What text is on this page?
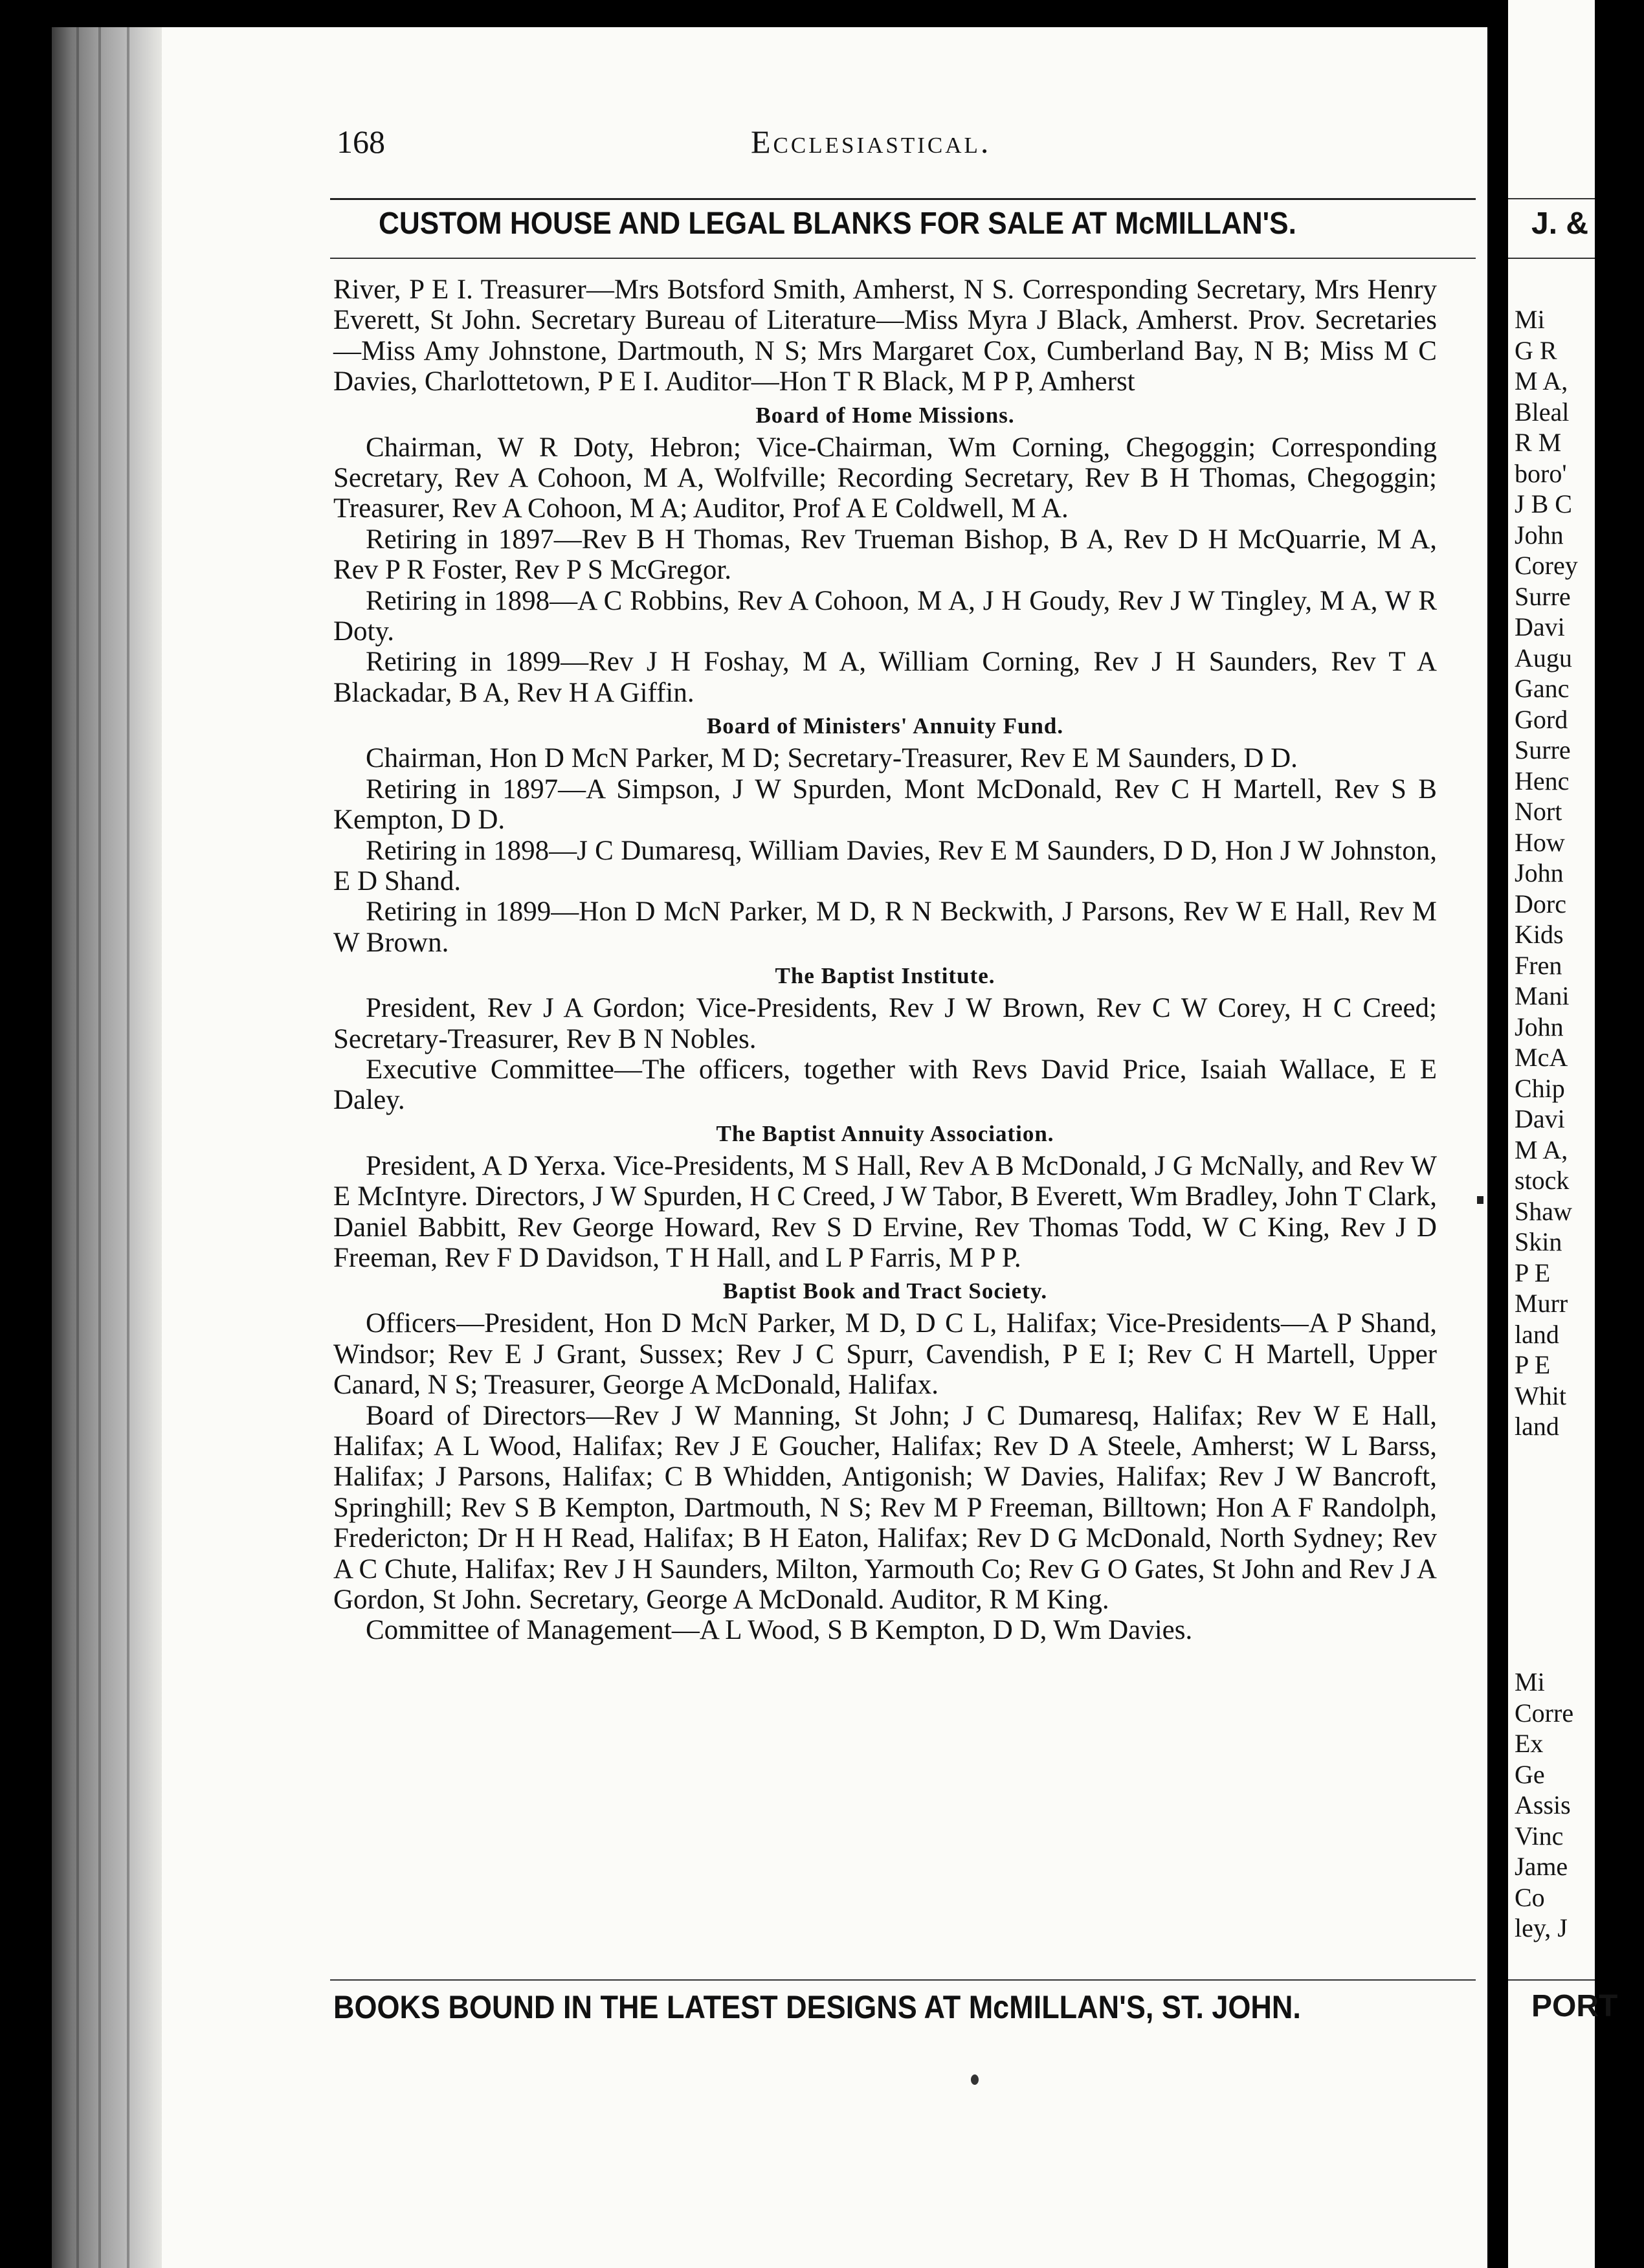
168	Ecclesiastical.
CUSTOM HOUSE AND LEGAL BLANKS FOR SALE AT McMILLAN'S.

River, P E I. Treasurer—Mrs Botsford Smith, Amherst, N S. Corresponding Secretary, Mrs Henry Everett, St John. Secretary Bureau of Literature—Miss Myra J Black, Amherst. Prov. Secretaries—Miss Amy Johnstone, Dartmouth, N S; Mrs Margaret Cox, Cumberland Bay, N B; Miss M C Davies, Charlottetown, P E I. Auditor—Hon T R Black, M P P, Amherst

Board of Home Missions.

Chairman, W R Doty, Hebron; Vice-Chairman, Wm Corning, Chegoggin; Corresponding Secretary, Rev A Cohoon, M A, Wolfville; Recording Secretary, Rev B H Thomas, Chegoggin; Treasurer, Rev A Cohoon, M A; Auditor, Prof A E Coldwell, M A.

Retiring in 1897—Rev B H Thomas, Rev Trueman Bishop, B A, Rev D H McQuarrie, M A, Rev P R Foster, Rev P S McGregor.

Retiring in 1898—A C Robbins, Rev A Cohoon, M A, J H Goudy, Rev J W Tingley, M A, W R Doty.

Retiring in 1899—Rev J H Foshay, M A, William Corning, Rev J H Saunders, Rev T A Blackadar, B A, Rev H A Giffin.

Board of Ministers' Annuity Fund.

Chairman, Hon D McN Parker, M D; Secretary-Treasurer, Rev E M Saunders, D D.

Retiring in 1897—A Simpson, J W Spurden, Mont McDonald, Rev C H Martell, Rev S B Kempton, D D.

Retiring in 1898—J C Dumaresq, William Davies, Rev E M Saunders, D D, Hon J W Johnston, E D Shand.

Retiring in 1899—Hon D McN Parker, M D, R N Beckwith, J Parsons, Rev W E Hall, Rev M W Brown.

The Baptist Institute.

President, Rev J A Gordon; Vice-Presidents, Rev J W Brown, Rev C W Corey, H C Creed; Secretary-Treasurer, Rev B N Nobles.

Executive Committee—The officers, together with Revs David Price, Isaiah Wallace, E E Daley.

The Baptist Annuity Association.

President, A D Yerxa. Vice-Presidents, M S Hall, Rev A B McDonald, J G McNally, and Rev W E McIntyre. Directors, J W Spurden, H C Creed, J W Tabor, B Everett, Wm Bradley, John T Clark, Daniel Babbitt, Rev George Howard, Rev S D Ervine, Rev Thomas Todd, W C King, Rev J D Freeman, Rev F D Davidson, T H Hall, and L P Farris, M P P.

Baptist Book and Tract Society.

Officers—President, Hon D McN Parker, M D, D C L, Halifax; Vice-Presidents—A P Shand, Windsor; Rev E J Grant, Sussex; Rev J C Spurr, Cavendish, P E I; Rev C H Martell, Upper Canard, N S; Treasurer, George A McDonald, Halifax.

Board of Directors—Rev J W Manning, St John; J C Dumaresq, Halifax; Rev W E Hall, Halifax; A L Wood, Halifax; Rev J E Goucher, Halifax; Rev D A Steele, Amherst; W L Barss, Halifax; J Parsons, Halifax; C B Whidden, Antigonish; W Davies, Halifax; Rev J W Bancroft, Springhill; Rev S B Kempton, Dartmouth, N S; Rev M P Freeman, Billtown; Hon A F Randolph, Fredericton; Dr H H Read, Halifax; B H Eaton, Halifax; Rev D G McDonald, North Sydney; Rev A C Chute, Halifax; Rev J H Saunders, Milton, Yarmouth Co; Rev G O Gates, St John and Rev J A Gordon, St John. Secretary, George A McDonald. Auditor, R M King.

Committee of Management—A L Wood, S B Kempton, D D, Wm Davies.

BOOKS BOUND IN THE LATEST DESIGNS AT McMILLAN'S, ST. JOHN.
J. &
Mi
G R
M A,
Bleal
R M
boro'
J B C
John
Corey
Surre
Davi
Augu
Ganc
Gord
Surre
Henc
Nort
How
John
Dorc
Kids
Fren
Mani
John
McA
Chip
Davi
M A,
stock
Shaw
Skin
P E
Murr
land
P E
Whit
land
Mi
Corre
Ex
Ge
Assis
Vinc
Jame
Co
ley, J
PORT
